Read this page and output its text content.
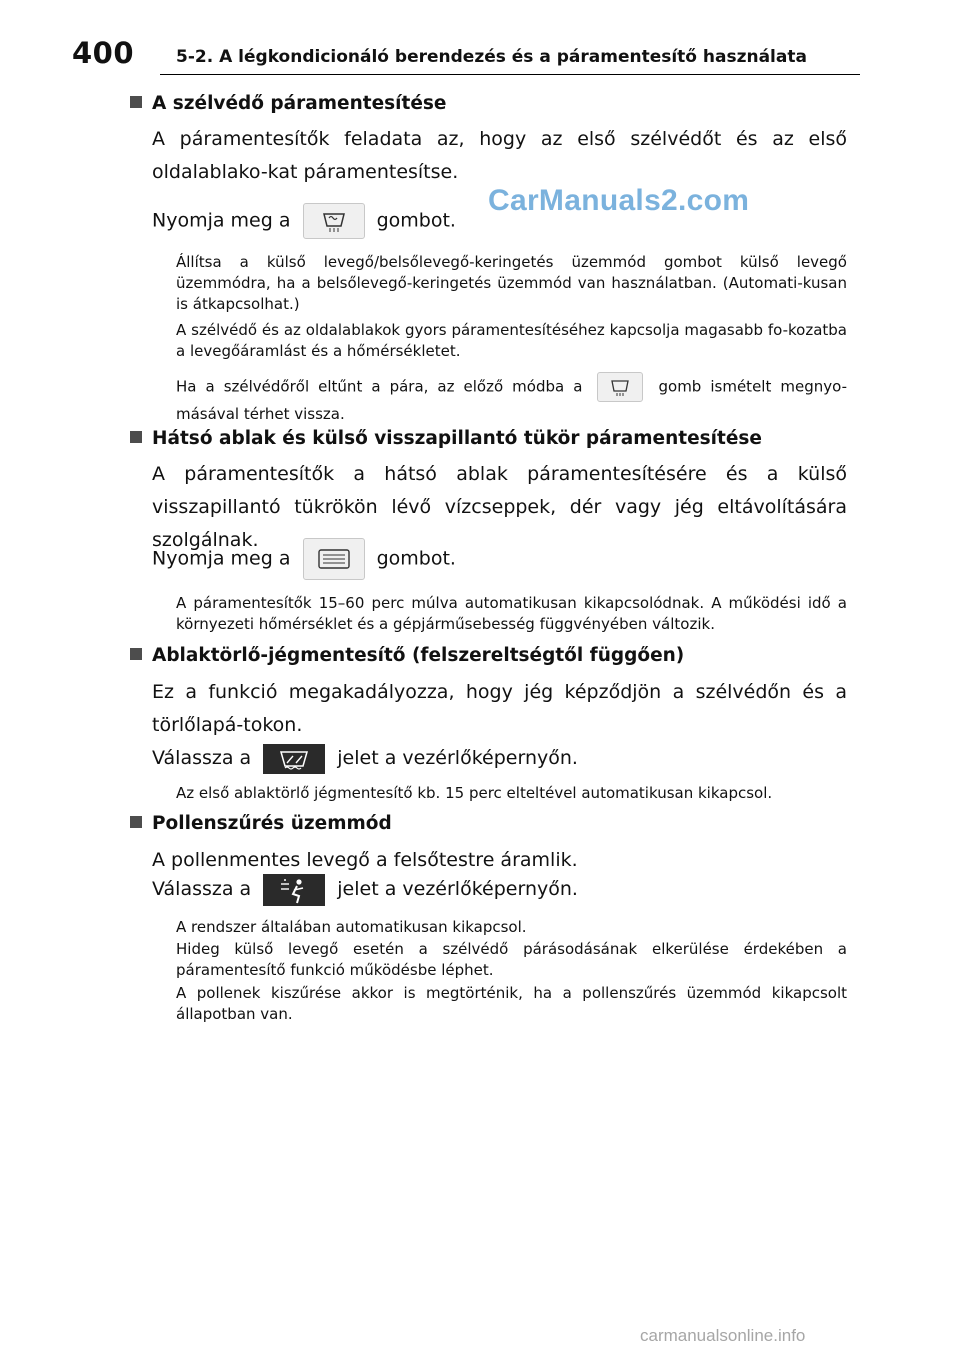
400 5-2. A légkondicionáló berendezés és a páramentesítő használata
CarManuals2.com
A szélvédő páramentesítése
A páramentesítők feladata az, hogy az első szélvédőt és az első oldalablako-kat páramentesítse.
Nyomja meg a	gombot.
Állítsa a külső levegő/belsőlevegő-keringetés üzemmód gombot külső levegő üzemmódra, ha a belsőlevegő-keringetés üzemmód van használatban. (Automati-kusan is átkapcsolhat.)
A szélvédő és az oldalablakok gyors páramentesítéséhez kapcsolja magasabb fo-kozatba a levegőáramlást és a hőmérsékletet.
Ha a szélvédőről eltűnt a pára, az előző módba a	gomb ismételt megnyo-másával térhet vissza.
Hátsó ablak és külső visszapillantó tükör páramentesítése
A páramentesítők a hátsó ablak páramentesítésére és a külső visszapillantó tükrökön lévő vízcseppek, dér vagy jég eltávolítására szolgálnak.
Nyomja meg a	gombot.
A páramentesítők 15–60 perc múlva automatikusan kikapcsolódnak. A működési idő a környezeti hőmérséklet és a gépjárműsebesség függvényében változik.
Ablaktörlő-jégmentesítő (felszereltségtől függően)
Ez a funkció megakadályozza, hogy jég képződjön a szélvédőn és a törlőlapá-tokon.
Válassza a	jelet a vezérlőképernyőn.
Az első ablaktörlő jégmentesítő kb. 15 perc elteltével automatikusan kikapcsol.
Pollenszűrés üzemmód
A pollenmentes levegő a felsőtestre áramlik.
Válassza a	jelet a vezérlőképernyőn.
A rendszer általában automatikusan kikapcsol.
Hideg külső levegő esetén a szélvédő párásodásának elkerülése érdekében a páramentesítő funkció működésbe léphet.
A pollenek kiszűrése akkor is megtörténik, ha a pollenszűrés üzemmód kikapcsolt állapotban van.
carmanualsonline.info
